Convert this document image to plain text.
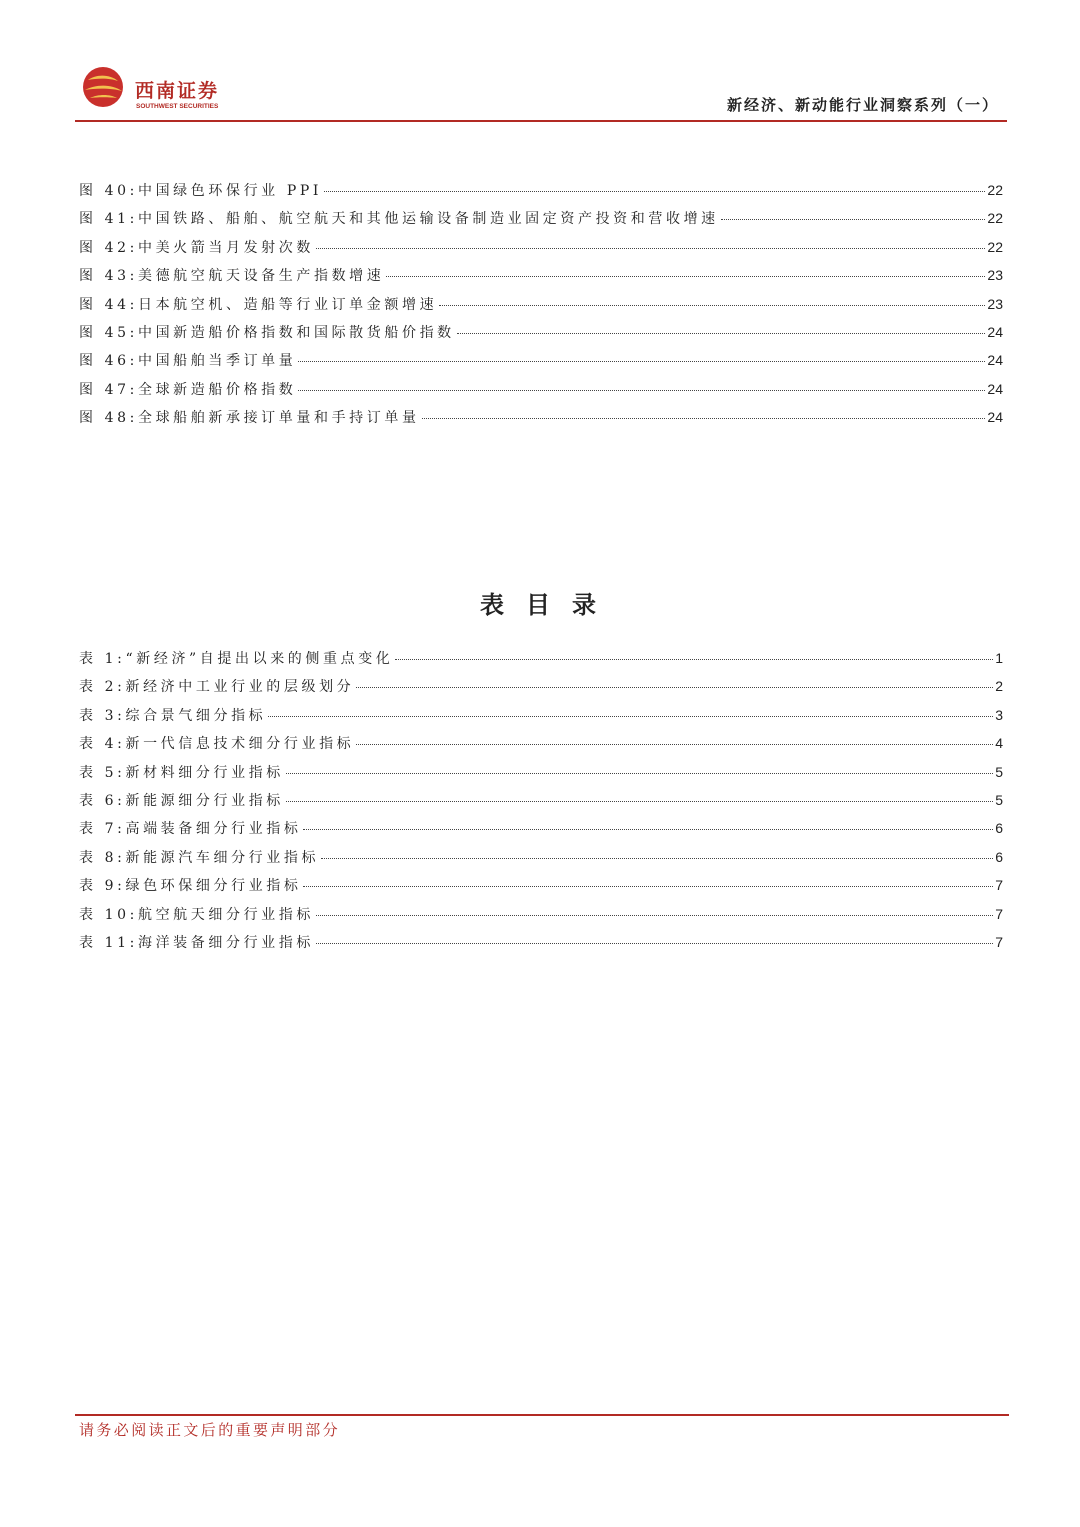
西南证券
SOUTHWEST SECURITIES	新经济、新动能行业洞察系列（一）
图 40: 中国绿色环保行业 PPI	22
图 41: 中国铁路、船舶、航空航天和其他运输设备制造业固定资产投资和营收增速	22
图 42: 中美火箭当月发射次数	22
图 43: 美德航空航天设备生产指数增速	23
图 44: 日本航空机、造船等行业订单金额增速	23
图 45: 中国新造船价格指数和国际散货船价指数	24
图 46: 中国船舶当季订单量	24
图 47: 全球新造船价格指数	24
图 48: 全球船舶新承接订单量和手持订单量	24
表目录
表 1: “新经济”自提出以来的侧重点变化	1
表 2: 新经济中工业行业的层级划分	2
表 3: 综合景气细分指标	3
表 4: 新一代信息技术细分行业指标	4
表 5: 新材料细分行业指标	5
表 6: 新能源细分行业指标	5
表 7: 高端装备细分行业指标	6
表 8: 新能源汽车细分行业指标	6
表 9: 绿色环保细分行业指标	7
表 10: 航空航天细分行业指标	7
表 11: 海洋装备细分行业指标	7
请务必阅读正文后的重要声明部分
